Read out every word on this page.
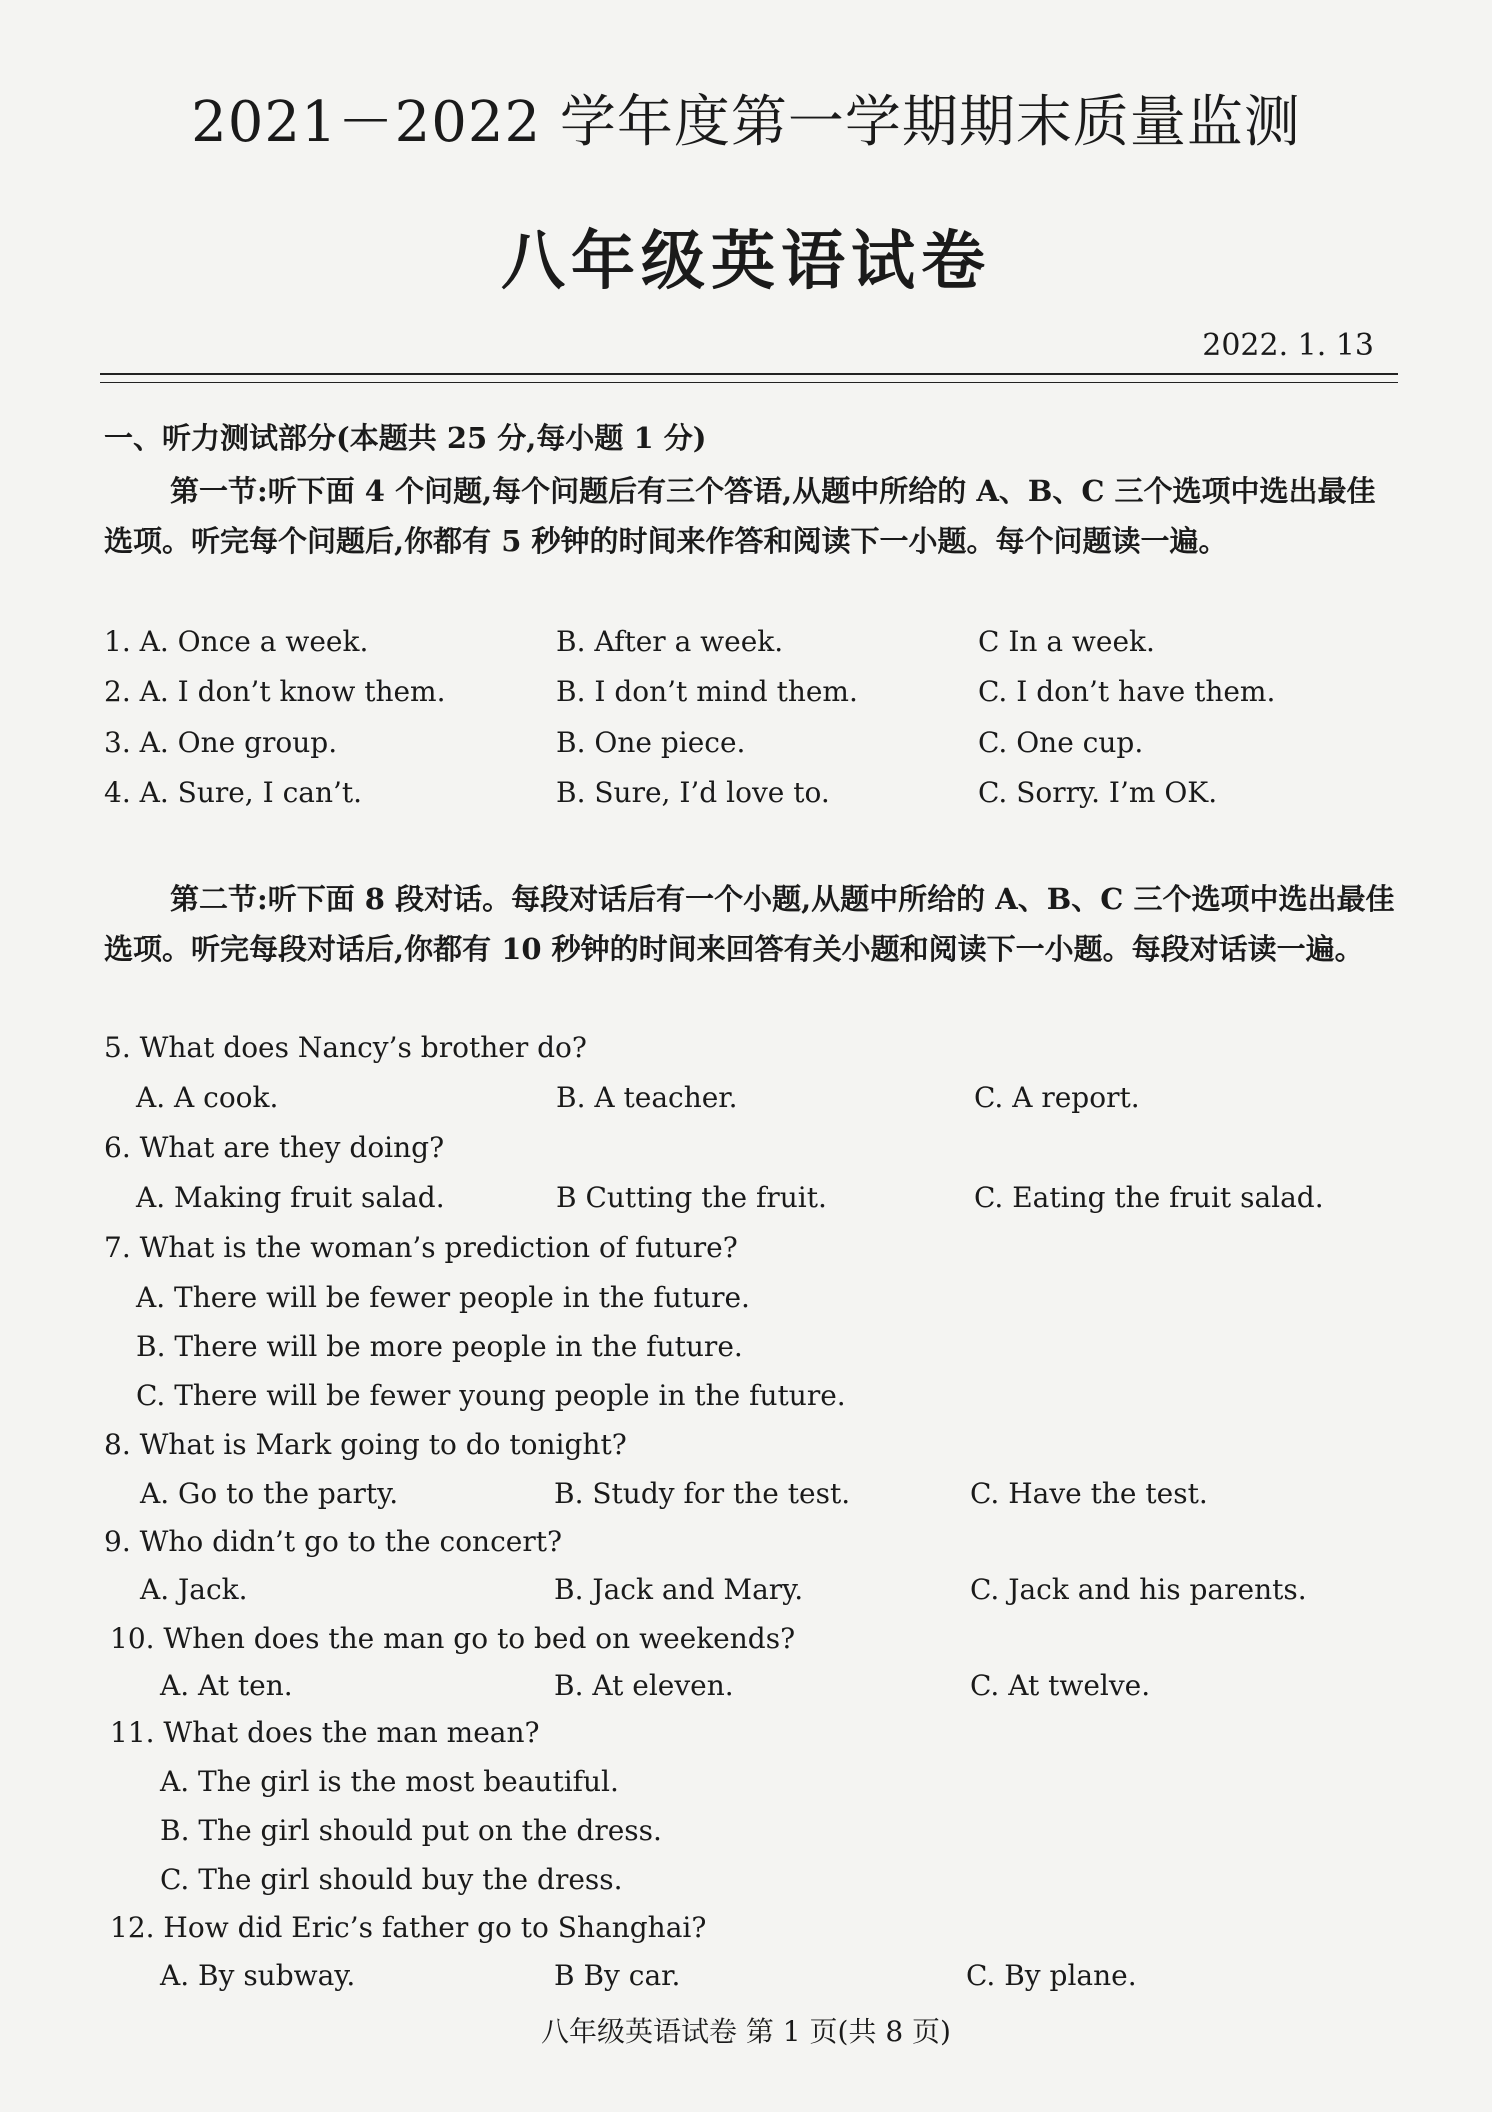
2021－2022 学年度第一学期期末质量监测
八年级英语试卷
2022. 1. 13
一、听力测试部分(本题共 25 分,每小题 1 分)
第一节:听下面 4 个问题,每个问题后有三个答语,从题中所给的 A、B、C 三个选项中选出最佳选项。听完每个问题后,你都有 5 秒钟的时间来作答和阅读下一小题。每个问题读一遍。
1. A. Once a week.	B. After a week.	C In a week.
2. A. I don’t know them.	B. I don’t mind them.	C. I don’t have them.
3. A. One group.	B. One piece.	C. One cup.
4. A. Sure, I can’t.	B. Sure, I’d love to.	C. Sorry. I’m OK.
第二节:听下面 8 段对话。每段对话后有一个小题,从题中所给的 A、B、C 三个选项中选出最佳选项。听完每段对话后,你都有 10 秒钟的时间来回答有关小题和阅读下一小题。每段对话读一遍。
5. What does Nancy’s brother do?
A. A cook.	B. A teacher.	C. A report.
6. What are they doing?
A. Making fruit salad.	B Cutting the fruit.	C. Eating the fruit salad.
7. What is the woman’s prediction of future?
A. There will be fewer people in the future.
B. There will be more people in the future.
C. There will be fewer young people in the future.
8. What is Mark going to do tonight?
A. Go to the party.	B. Study for the test.	C. Have the test.
9. Who didn’t go to the concert?
A. Jack.	B. Jack and Mary.	C. Jack and his parents.
10. When does the man go to bed on weekends?
A. At ten.	B. At eleven.	C. At twelve.
11. What does the man mean?
A. The girl is the most beautiful.
B. The girl should put on the dress.
C. The girl should buy the dress.
12. How did Eric’s father go to Shanghai?
A. By subway.	B By car.	C. By plane.
八年级英语试卷 第 1 页(共 8 页)
